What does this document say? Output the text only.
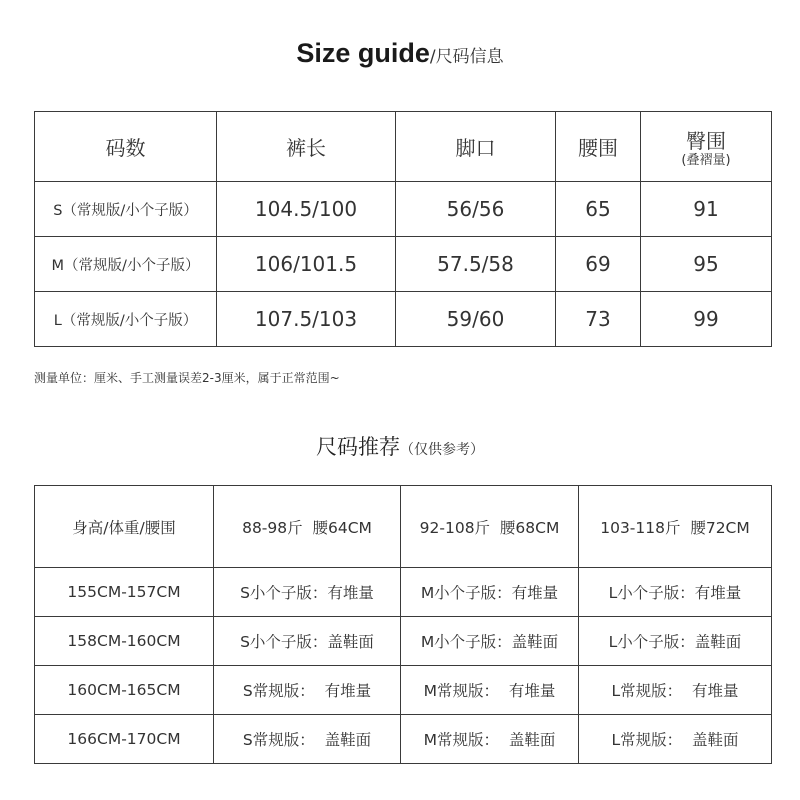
Size guide/尺码信息
码数	裤长	脚口	腰围	臀围
(叠褶量)

S（常规版/小个子版）	104.5/100	56/56	65	91
M（常规版/小个子版）	106/101.5	57.5/58	69	95
L（常规版/小个子版）	107.5/103	59/60	73	99
测量单位：厘米、手工测量误差2-3厘米，属于正常范围~
尺码推荐（仅供参考）
身高/体重/腰围	88-98斤  腰64CM	92-108斤  腰68CM	103-118斤  腰72CM
155CM-157CM	S小个子版：有堆量	M小个子版：有堆量	L小个子版：有堆量
158CM-160CM	S小个子版：盖鞋面	M小个子版：盖鞋面	L小个子版：盖鞋面
160CM-165CM	S常规版：  有堆量	M常规版：  有堆量	L常规版：  有堆量
166CM-170CM	S常规版：  盖鞋面	M常规版：  盖鞋面	L常规版：  盖鞋面
